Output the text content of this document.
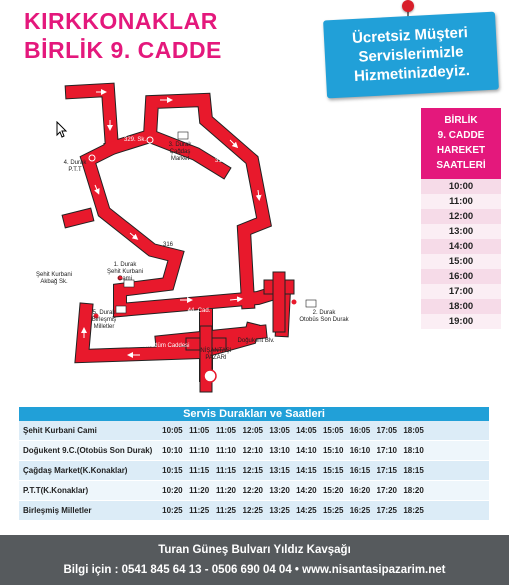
KIRKKONAKLAR
BİRLİK 9. CADDE
Ücretsiz Müşteri
Servislerimizle
Hizmetinizdeyiz.
BİRLİK
9. CADDE
HAREKET
SAATLERİ
10:00
11:00
12:00
13:00
14:00
15:00
16:00
17:00
18:00
19:00
4. Durak
P.T.T
3. Durak
Çağdaş Market
1. Durak
Şehit Kurbani
Cami
2. Durak
Otobüs Son Durak
5. Durak
Birleşmiş
Milletler
Şehit Kurbani
Akbağ Sk.
Doğukent Blv.
NİŞANTAŞI
PAZARI
358. Sk.
329. Sk.
319
316
44. Cad.
Zümmerrüdüm Caddesi
Servis Durakları ve Saatleri
Şehit Kurbani Cami	10:05 11:05 11:05 12:05 13:05 14:05 15:05 16:05 17:05 18:05
Doğukent 9.C.(Otobüs Son Durak)	10:10 11:10 11:10 12:10 13:10 14:10 15:10 16:10 17:10 18:10
Çağdaş Market(K.Konaklar)	10:15 11:15 11:15 12:15 13:15 14:15 15:15 16:15 17:15 18:15
P.T.T(K.Konaklar)	10:20 11:20 11:20 12:20 13:20 14:20 15:20 16:20 17:20 18:20
Birleşmiş Milletler	10:25 11:25 11:25 12:25 13:25 14:25 15:25 16:25 17:25 18:25
Turan Güneş Bulvarı Yıldız Kavşağı
Bilgi için : 0541 845 64 13 - 0506 690 04 04 • www.nisantasipazarim.net
